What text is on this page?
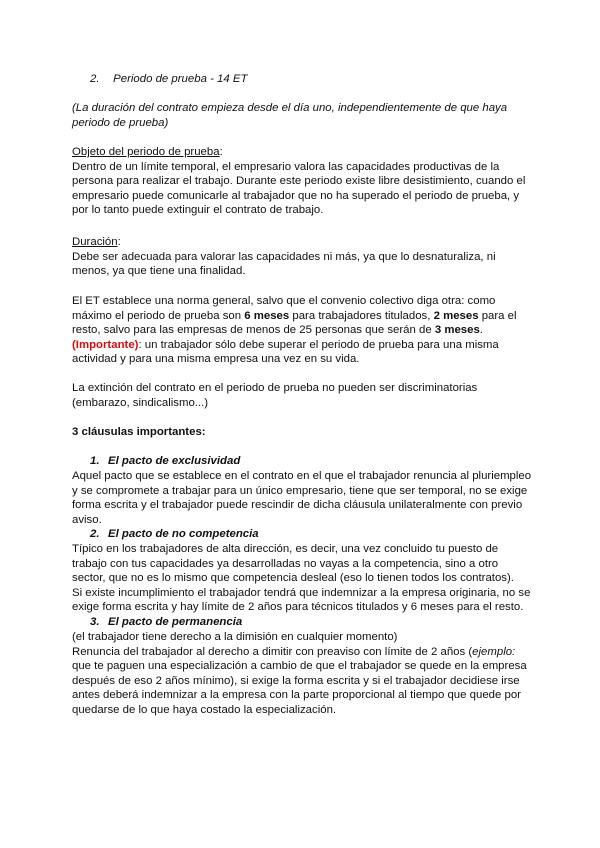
2. Periodo de prueba - 14 ET
(La duración del contrato empieza desde el día uno, independientemente de que haya periodo de prueba)
Objeto del periodo de prueba:
Dentro de un límite temporal, el empresario valora las capacidades productivas de la persona para realizar el trabajo. Durante este periodo existe libre desistimiento, cuando el empresario puede comunicarle al trabajador que no ha superado el periodo de prueba, y por lo tanto puede extinguir el contrato de trabajo.
Duración:
Debe ser adecuada para valorar las capacidades ni más, ya que lo desnaturaliza, ni menos, ya que tiene una finalidad.
El ET establece una norma general, salvo que el convenio colectivo diga otra: como máximo el periodo de prueba son 6 meses para trabajadores titulados, 2 meses para el resto, salvo para las empresas de menos de 25 personas que serán de 3 meses.
(Importante): un trabajador sólo debe superar el periodo de prueba para una misma actividad y para una misma empresa una vez en su vida.
La extinción del contrato en el periodo de prueba no pueden ser discriminatorias (embarazo, sindicalismo...)
3 cláusulas importantes:
1. El pacto de exclusividad
Aquel pacto que se establece en el contrato en el que el trabajador renuncia al pluriempleo y se compromete a trabajar para un único empresario, tiene que ser temporal, no se exige forma escrita y el trabajador puede rescindir de dicha cláusula unilateralmente con previo aviso.
2. El pacto de no competencia
Típico en los trabajadores de alta dirección, es decir, una vez concluido tu puesto de trabajo con tus capacidades ya desarrolladas no vayas a la competencia, sino a otro sector, que no es lo mismo que competencia desleal (eso lo tienen todos los contratos).
Si existe incumplimiento el trabajador tendrá que indemnizar a la empresa originaria, no se exige forma escrita y hay límite de 2 años para técnicos titulados y 6 meses para el resto.
3. El pacto de permanencia
(el trabajador tiene derecho a la dimisión en cualquier momento)
Renuncia del trabajador al derecho a dimitir con preaviso con límite de 2 años (ejemplo: que te paguen una especialización a cambio de que el trabajador se quede en la empresa después de eso 2 años mínimo), si exige la forma escrita y si el trabajador decidiese irse antes deberá indemnizar a la empresa con la parte proporcional al tiempo que quede por quedarse de lo que haya costado la especialización.
